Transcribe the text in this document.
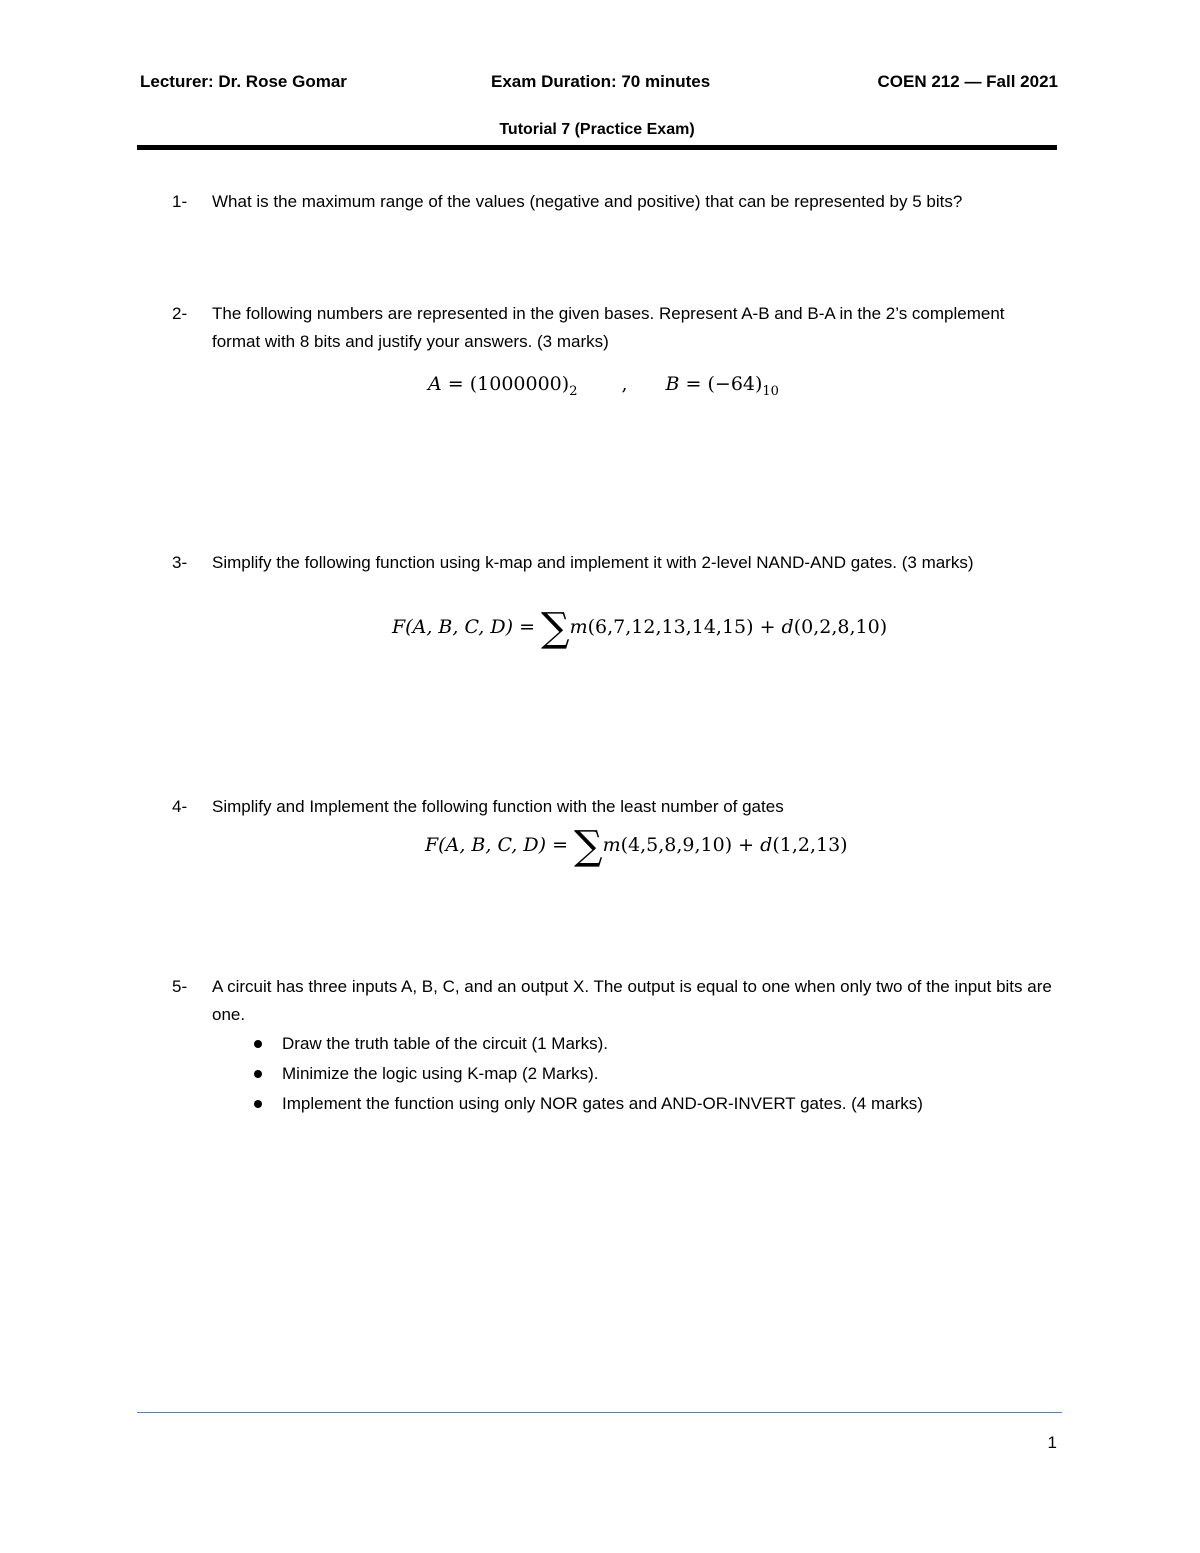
Lecturer: Dr. Rose Gomar	Exam Duration: 70 minutes	COEN 212 — Fall 2021
Tutorial 7 (Practice Exam)
1- What is the maximum range of the values (negative and positive) that can be represented by 5 bits?
2- The following numbers are represented in the given bases. Represent A-B and B-A in the 2’s complement format with 8 bits and justify your answers. (3 marks)
$A = (1000000)_2$ , $B = (-64)_{10}$
3- Simplify the following function using k-map and implement it with 2-level NAND-AND gates. (3 marks)
F(A, B, C, D) = ∑m(6,7,12,13,14,15) + d(0,2,8,10)
4- Simplify and Implement the following function with the least number of gates
F(A, B, C, D) = ∑m(4,5,8,9,10) + d(1,2,13)
5- A circuit has three inputs A, B, C, and an output X. The output is equal to one when only two of the input bits are one.
Draw the truth table of the circuit (1 Marks).
Minimize the logic using K-map (2 Marks).
Implement the function using only NOR gates and AND-OR-INVERT gates. (4 marks)
1
